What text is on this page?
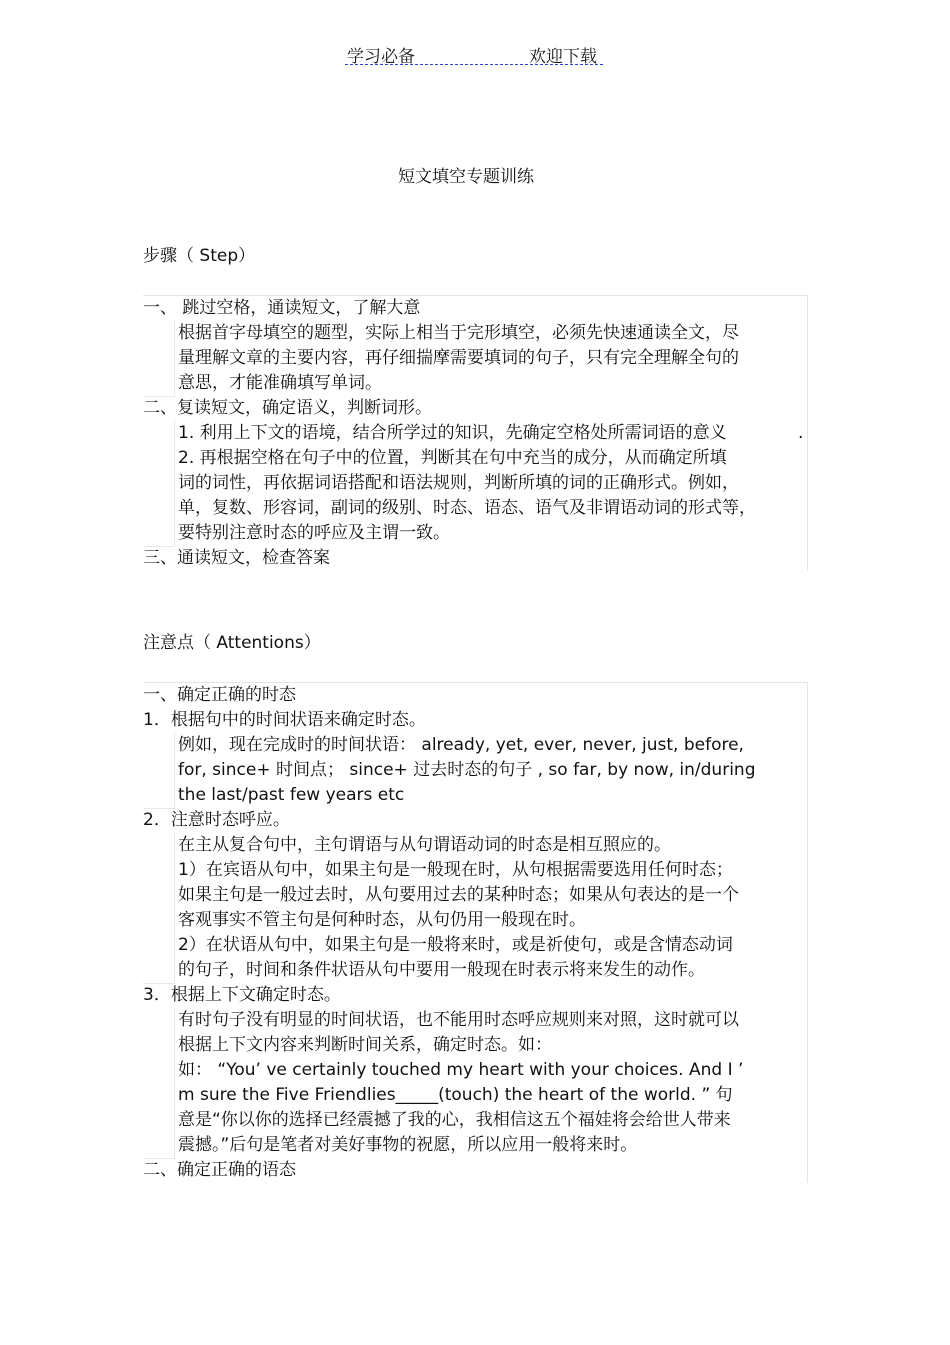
学习必备	欢迎下载
短文填空专题训练
步骤（ Step）
一、 跳过空格，通读短文，了解大意
根据首字母填空的题型，实际上相当于完形填空，必须先快速通读全文，尽
量理解文章的主要内容，再仔细揣摩需要填词的句子，只有完全理解全句的
意思，才能准确填写单词。
二、复读短文，确定语义，判断词形。
1. 利用上下文的语境，结合所学过的知识，先确定空格处所需词语的意义	.
2. 再根据空格在句子中的位置，判断其在句中充当的成分，从而确定所填
词的词性，再依据词语搭配和语法规则，判断所填的词的正确形式。例如，
单，复数、形容词，副词的级别、时态、语态、语气及非谓语动词的形式等，
要特别注意时态的呼应及主谓一致。
三、通读短文，检查答案
注意点（ Attentions）
一、确定正确的时态
1．根据句中的时间状语来确定时态。
例如，现在完成时的时间状语： already, yet, ever, never, just, before,
for, since+ 时间点； since+ 过去时态的句子 , so far, by now, in/during
the last/past few years etc
2．注意时态呼应。
在主从复合句中，主句谓语与从句谓语动词的时态是相互照应的。
1）在宾语从句中，如果主句是一般现在时，从句根据需要选用任何时态；
如果主句是一般过去时，从句要用过去的某种时态；如果从句表达的是一个
客观事实不管主句是何种时态，从句仍用一般现在时。
2）在状语从句中，如果主句是一般将来时，或是祈使句，或是含情态动词
的句子，时间和条件状语从句中要用一般现在时表示将来发生的动作。
3．根据上下文确定时态。
有时句子没有明显的时间状语，也不能用时态呼应规则来对照，这时就可以
根据上下文内容来判断时间关系，确定时态。如：
如： “You’ ve certainly touched my heart with your choices. And I ’
m sure the Five Friendlies_____(touch) the heart of the world. ” 句
意是“你以你的选择已经震撼了我的心，我相信这五个福娃将会给世人带来
震撼。”后句是笔者对美好事物的祝愿，所以应用一般将来时。
二、确定正确的语态
